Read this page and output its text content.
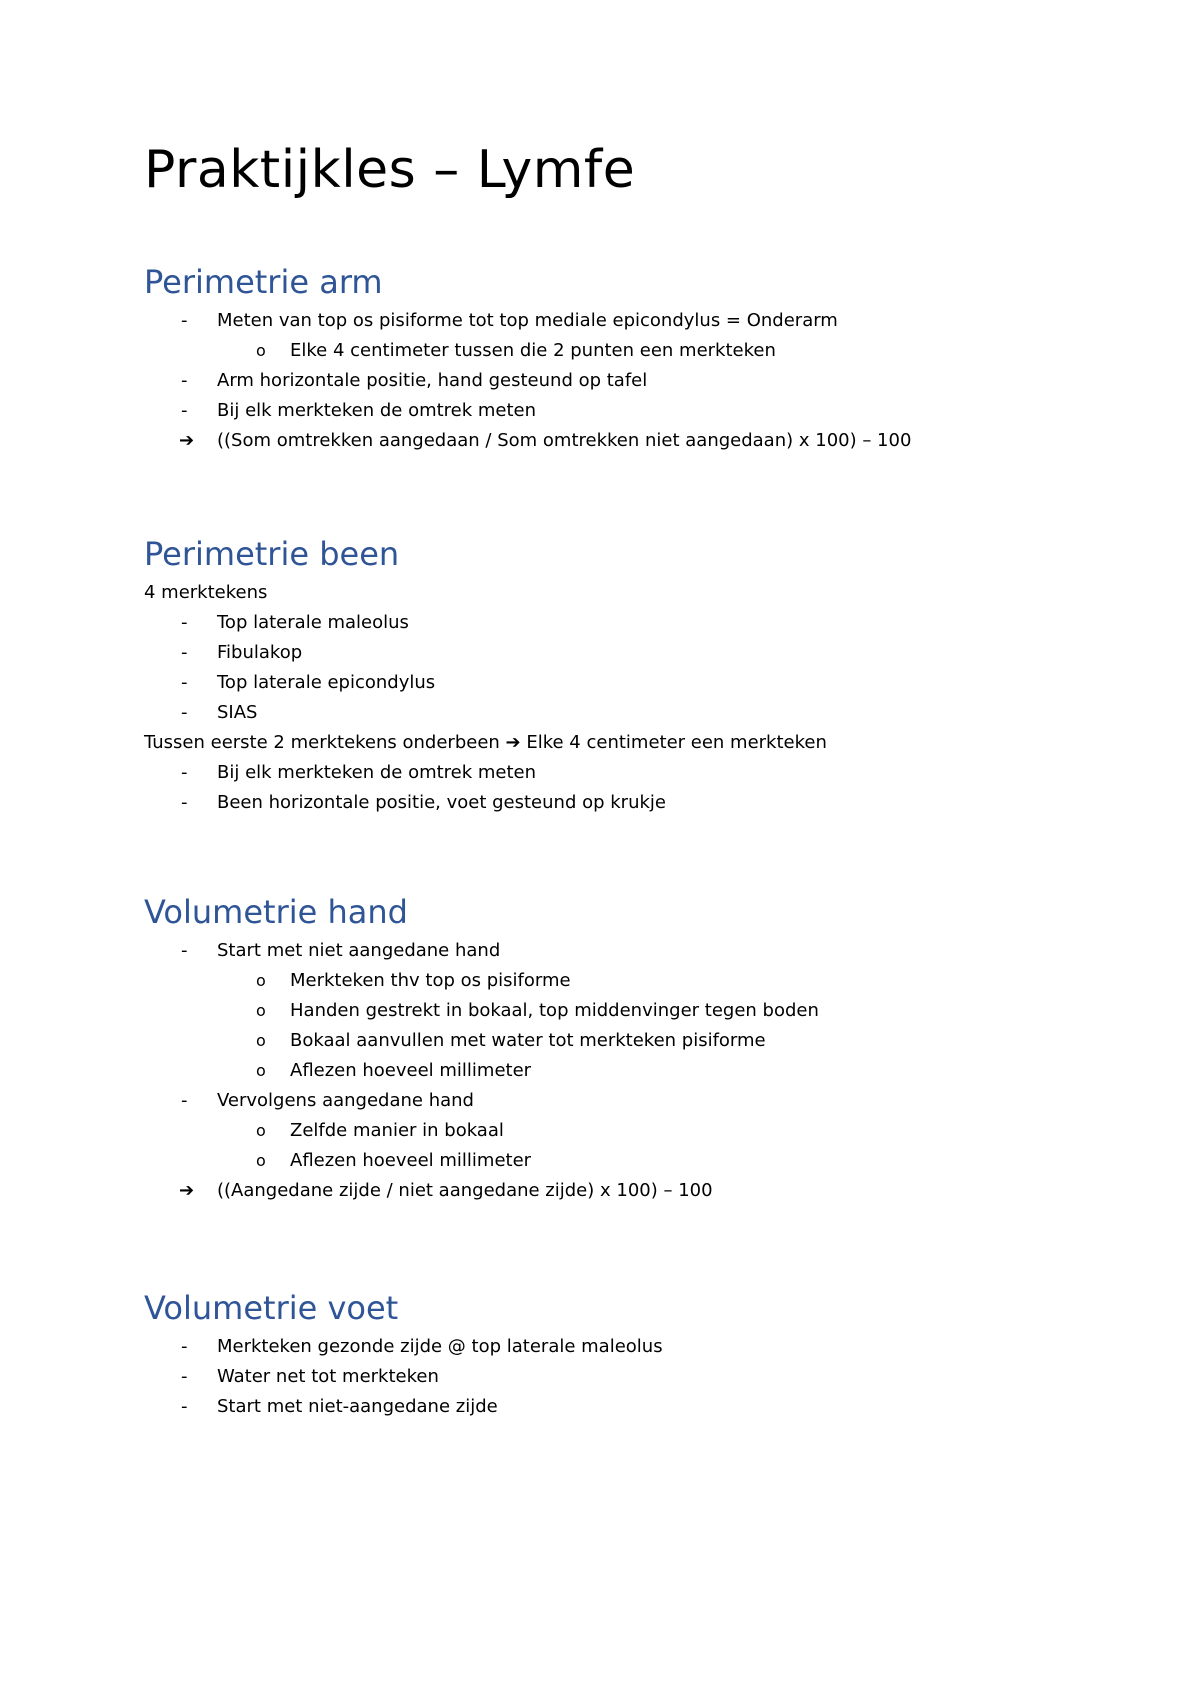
Praktijkles – Lymfe
Perimetrie arm
- Meten van top os pisiforme tot top mediale epicondylus = Onderarm
o Elke 4 centimeter tussen die 2 punten een merkteken
- Arm horizontale positie, hand gesteund op tafel
- Bij elk merkteken de omtrek meten
➔ ((Som omtrekken aangedaan / Som omtrekken niet aangedaan) x 100) – 100
Perimetrie been
4 merktekens
- Top laterale maleolus
- Fibulakop
- Top laterale epicondylus
- SIAS
Tussen eerste 2 merktekens onderbeen ➔ Elke 4 centimeter een merkteken
- Bij elk merkteken de omtrek meten
- Been horizontale positie, voet gesteund op krukje
Volumetrie hand
- Start met niet aangedane hand
o Merkteken thv top os pisiforme
o Handen gestrekt in bokaal, top middenvinger tegen boden
o Bokaal aanvullen met water tot merkteken pisiforme
o Aflezen hoeveel millimeter
- Vervolgens aangedane hand
o Zelfde manier in bokaal
o Aflezen hoeveel millimeter
➔ ((Aangedane zijde / niet aangedane zijde) x 100) – 100
Volumetrie voet
- Merkteken gezonde zijde @ top laterale maleolus
- Water net tot merkteken
- Start met niet-aangedane zijde
